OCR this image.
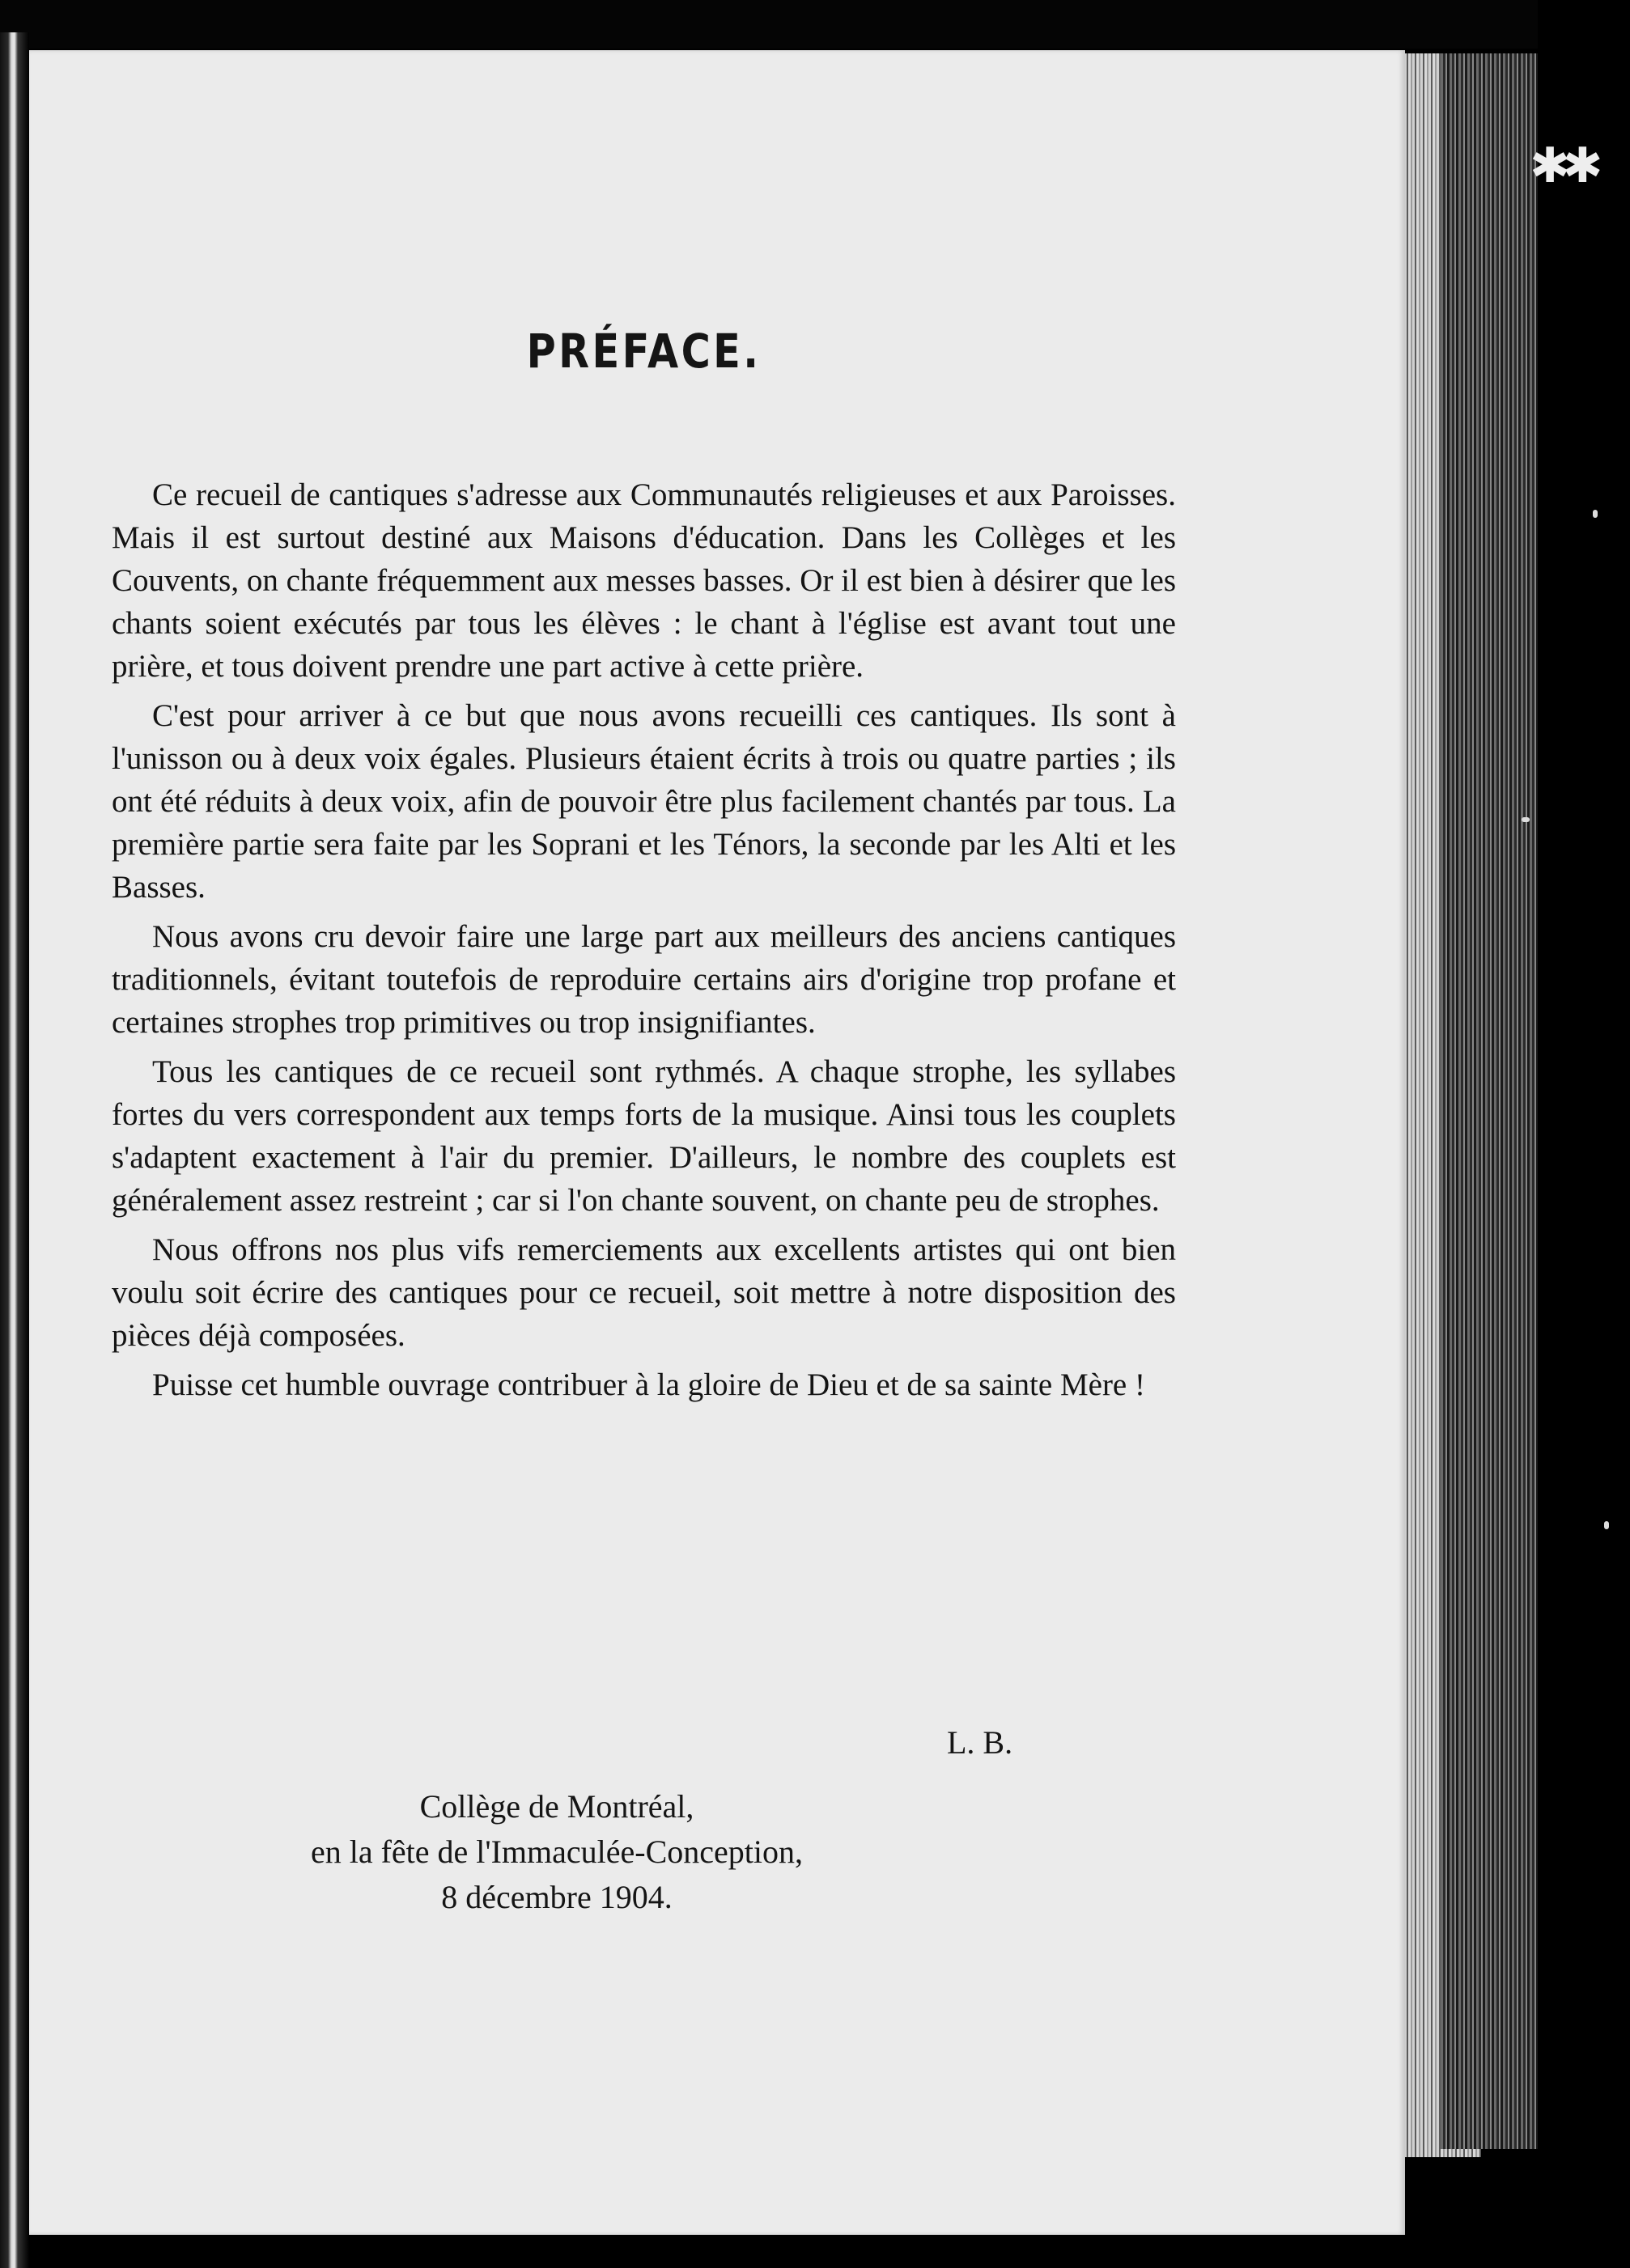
✱✱
PRÉFACE.

Ce recueil de cantiques s'adresse aux Communautés religieuses et aux Paroisses. Mais il est surtout destiné aux Maisons d'éducation. Dans les Collèges et les Couvents, on chante fréquemment aux messes basses. Or il est bien à désirer que les chants soient exécutés par tous les élèves : le chant à l'église est avant tout une prière, et tous doivent prendre une part active à cette prière.

C'est pour arriver à ce but que nous avons recueilli ces cantiques. Ils sont à l'unisson ou à deux voix égales. Plusieurs étaient écrits à trois ou quatre parties ; ils ont été réduits à deux voix, afin de pouvoir être plus facilement chantés par tous. La première partie sera faite par les Soprani et les Ténors, la seconde par les Alti et les Basses.

Nous avons cru devoir faire une large part aux meilleurs des anciens cantiques traditionnels, évitant toutefois de reproduire certains airs d'origine trop profane et certaines strophes trop primitives ou trop insignifiantes.

Tous les cantiques de ce recueil sont rythmés. A chaque strophe, les syllabes fortes du vers correspondent aux temps forts de la musique. Ainsi tous les couplets s'adaptent exactement à l'air du premier. D'ailleurs, le nombre des couplets est généralement assez restreint ; car si l'on chante souvent, on chante peu de strophes.

Nous offrons nos plus vifs remerciements aux excellents artistes qui ont bien voulu soit écrire des cantiques pour ce recueil, soit mettre à notre disposition des pièces déjà composées.

Puisse cet humble ouvrage contribuer à la gloire de Dieu et de sa sainte Mère !

L. B.
Collège de Montréal,
en la fête de l'Immaculée-Conception,
8 décembre 1904.
